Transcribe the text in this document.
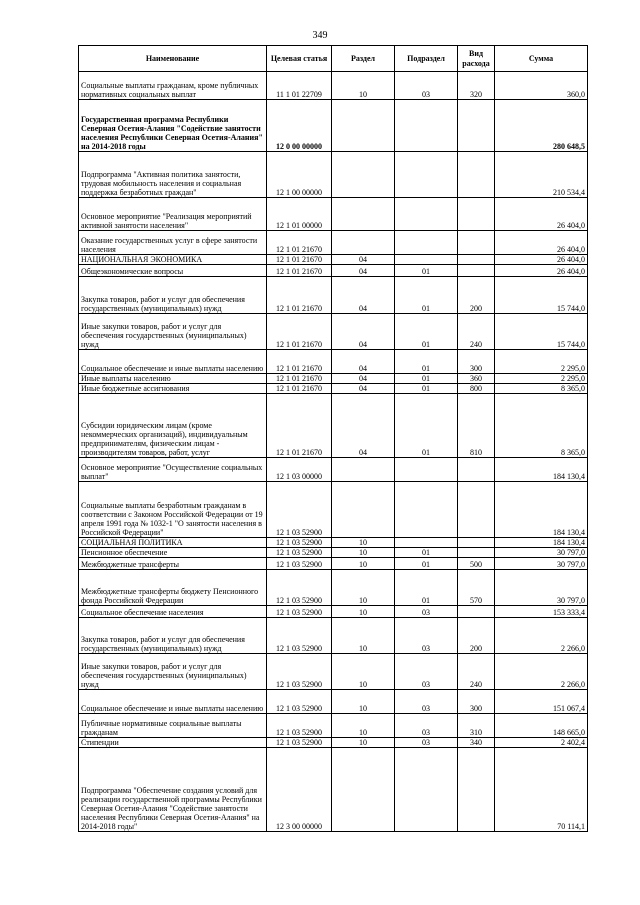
349
Наименование	Целевая статья	Раздел	Подраздел	Вид расхода	Сумма
Социальные выплаты гражданам, кроме публичных нормативных социальных выплат	11 1 01 22709	10	03	320	360,0
Государственная программа Республики Северная Осетия-Алания "Содействие занятости населения Республики Северная Осетия-Алания" на 2014-2018 годы	12 0 00 00000				280 648,5
Подпрограмма "Активная политика занятости, трудовая мобильность населения и социальная поддержка безработных граждан"	12 1 00 00000				210 534,4
Основное мероприятие "Реализация мероприятий активной занятости населения"	12 1 01 00000				26 404,0
Оказание государственных услуг в сфере занятости населения	12 1 01 21670				26 404,0
НАЦИОНАЛЬНАЯ ЭКОНОМИКА	12 1 01 21670	04			26 404,0
Общеэкономические вопросы	12 1 01 21670	04	01		26 404,0
Закупка товаров, работ и услуг для обеспечения государственных (муниципальных) нужд	12 1 01 21670	04	01	200	15 744,0
Иные закупки товаров, работ и услуг для обеспечения государственных (муниципальных) нужд	12 1 01 21670	04	01	240	15 744,0
Социальное обеспечение и иные выплаты населению	12 1 01 21670	04	01	300	2 295,0
Иные выплаты населению	12 1 01 21670	04	01	360	2 295,0
Иные бюджетные ассигнования	12 1 01 21670	04	01	800	8 365,0
Субсидии юридическим лицам (кроме некоммерческих организаций), индивидуальным предпринимателям, физическим лицам - производителям товаров, работ, услуг	12 1 01 21670	04	01	810	8 365,0
Основное мероприятие "Осуществление социальных выплат"	12 1 03 00000				184 130,4
Социальные выплаты безработным гражданам в соответствии с Законом Российской Федерации от 19 апреля 1991 года № 1032-1 "О занятости населения в Российской Федерации"	12 1 03 52900				184 130,4
СОЦИАЛЬНАЯ ПОЛИТИКА	12 1 03 52900	10			184 130,4
Пенсионное обеспечение	12 1 03 52900	10	01		30 797,0
Межбюджетные трансферты	12 1 03 52900	10	01	500	30 797,0
Межбюджетные трансферты бюджету Пенсионного фонда Российской Федерации	12 1 03 52900	10	01	570	30 797,0
Социальное обеспечение населения	12 1 03 52900	10	03		153 333,4
Закупка товаров, работ и услуг для обеспечения государственных (муниципальных) нужд	12 1 03 52900	10	03	200	2 266,0
Иные закупки товаров, работ и услуг для обеспечения государственных (муниципальных) нужд	12 1 03 52900	10	03	240	2 266,0
Социальное обеспечение и иные выплаты населению	12 1 03 52900	10	03	300	151 067,4
Публичные нормативные социальные выплаты гражданам	12 1 03 52900	10	03	310	148 665,0
Стипендии	12 1 03 52900	10	03	340	2 402,4
Подпрограмма "Обеспечение создания условий для реализации государственной программы Республики Северная Осетия-Алания "Содействие занятости населения Республики Северная Осетия-Алания" на 2014-2018 годы"	12 3 00 00000				70 114,1
